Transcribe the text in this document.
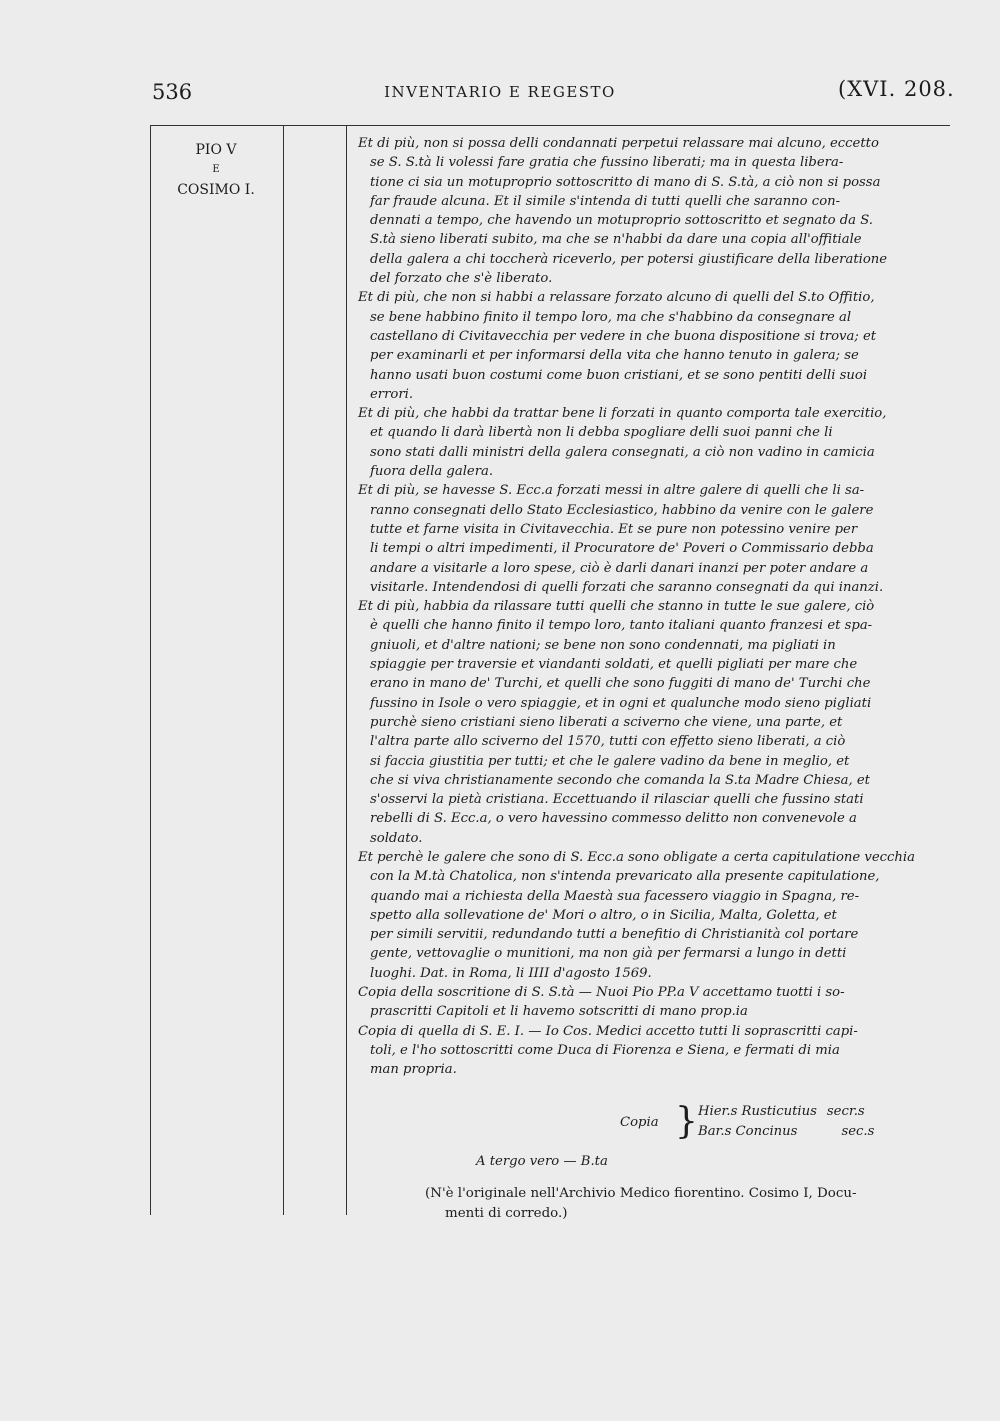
536	INVENTARIO E REGESTO	(XVI. 208.
PIO V
E
COSIMO I.

Et di più, non si possa delli condannati perpetui relassare mai alcuno, eccetto

se S. S.tà li volessi fare gratia che fussino liberati; ma in questa libera-

tione ci sia un motuproprio sottoscritto di mano di S. S.tà, a ciò non si possa

far fraude alcuna. Et il simile s'intenda di tutti quelli che saranno con-

dennati a tempo, che havendo un motuproprio sottoscritto et segnato da S.

S.tà sieno liberati subito, ma che se n'habbi da dare una copia all'offitiale

della galera a chi toccherà riceverlo, per potersi giustificare della liberatione

del forzato che s'è liberato.

Et di più, che non si habbi a relassare forzato alcuno di quelli del S.to Offitio,

se bene habbino finito il tempo loro, ma che s'habbino da consegnare al

castellano di Civitavecchia per vedere in che buona dispositione si trova; et

per examinarli et per informarsi della vita che hanno tenuto in galera; se

hanno usati buon costumi come buon cristiani, et se sono pentiti delli suoi

errori.

Et di più, che habbi da trattar bene li forzati in quanto comporta tale exercitio,

et quando li darà libertà non li debba spogliare delli suoi panni che li

sono stati dalli ministri della galera consegnati, a ciò non vadino in camicia

fuora della galera.

Et di più, se havesse S. Ecc.a forzati messi in altre galere di quelli che li sa-

ranno consegnati dello Stato Ecclesiastico, habbino da venire con le galere

tutte et farne visita in Civitavecchia. Et se pure non potessino venire per

li tempi o altri impedimenti, il Procuratore de' Poveri o Commissario debba

andare a visitarle a loro spese, ciò è darli danari inanzi per poter andare a

visitarle. Intendendosi di quelli forzati che saranno consegnati da qui inanzi.

Et di più, habbia da rilassare tutti quelli che stanno in tutte le sue galere, ciò

è quelli che hanno finito il tempo loro, tanto italiani quanto franzesi et spa-

gniuoli, et d'altre nationi; se bene non sono condennati, ma pigliati in

spiaggie per traversie et viandanti soldati, et quelli pigliati per mare che

erano in mano de' Turchi, et quelli che sono fuggiti di mano de' Turchi che

fussino in Isole o vero spiaggie, et in ogni et qualunche modo sieno pigliati

purchè sieno cristiani sieno liberati a sciverno che viene, una parte, et

l'altra parte allo sciverno del 1570, tutti con effetto sieno liberati, a ciò

si faccia giustitia per tutti; et che le galere vadino da bene in meglio, et

che si viva christianamente secondo che comanda la S.ta Madre Chiesa, et

s'osservi la pietà cristiana. Eccettuando il rilasciar quelli che fussino stati

rebelli di S. Ecc.a, o vero havessino commesso delitto non convenevole a

soldato.

Et perchè le galere che sono di S. Ecc.a sono obligate a certa capitulatione vecchia

con la M.tà Chatolica, non s'intenda prevaricato alla presente capitulatione,

quando mai a richiesta della Maestà sua facessero viaggio in Spagna, re-

spetto alla sollevatione de' Mori o altro, o in Sicilia, Malta, Goletta, et

per simili servitii, redundando tutti a benefitio di Christianità col portare

gente, vettovaglie o munitioni, ma non già per fermarsi a lungo in detti

luoghi. Dat. in Roma, li IIII d'agosto 1569.

Copia della soscritione di S. S.tà — Nuoi Pio PP.a V accettamo tuotti i so-

prascritti Capitoli et li havemo sotscritti di mano prop.ia

Copia di quella di S. E. I. — Io Cos. Medici accetto tutti li soprascritti capi-

toli, e l'ho sottoscritti come Duca di Fiorenza e Siena, e fermati di mia

man propria.

Copia } Hier.s Rusticutius secr.s
Bar.s Concinus	sec.s
A tergo vero — B.ta
(N'è l'originale nell'Archivio Medico fiorentino. Cosimo I, Docu-
menti di corredo.)
